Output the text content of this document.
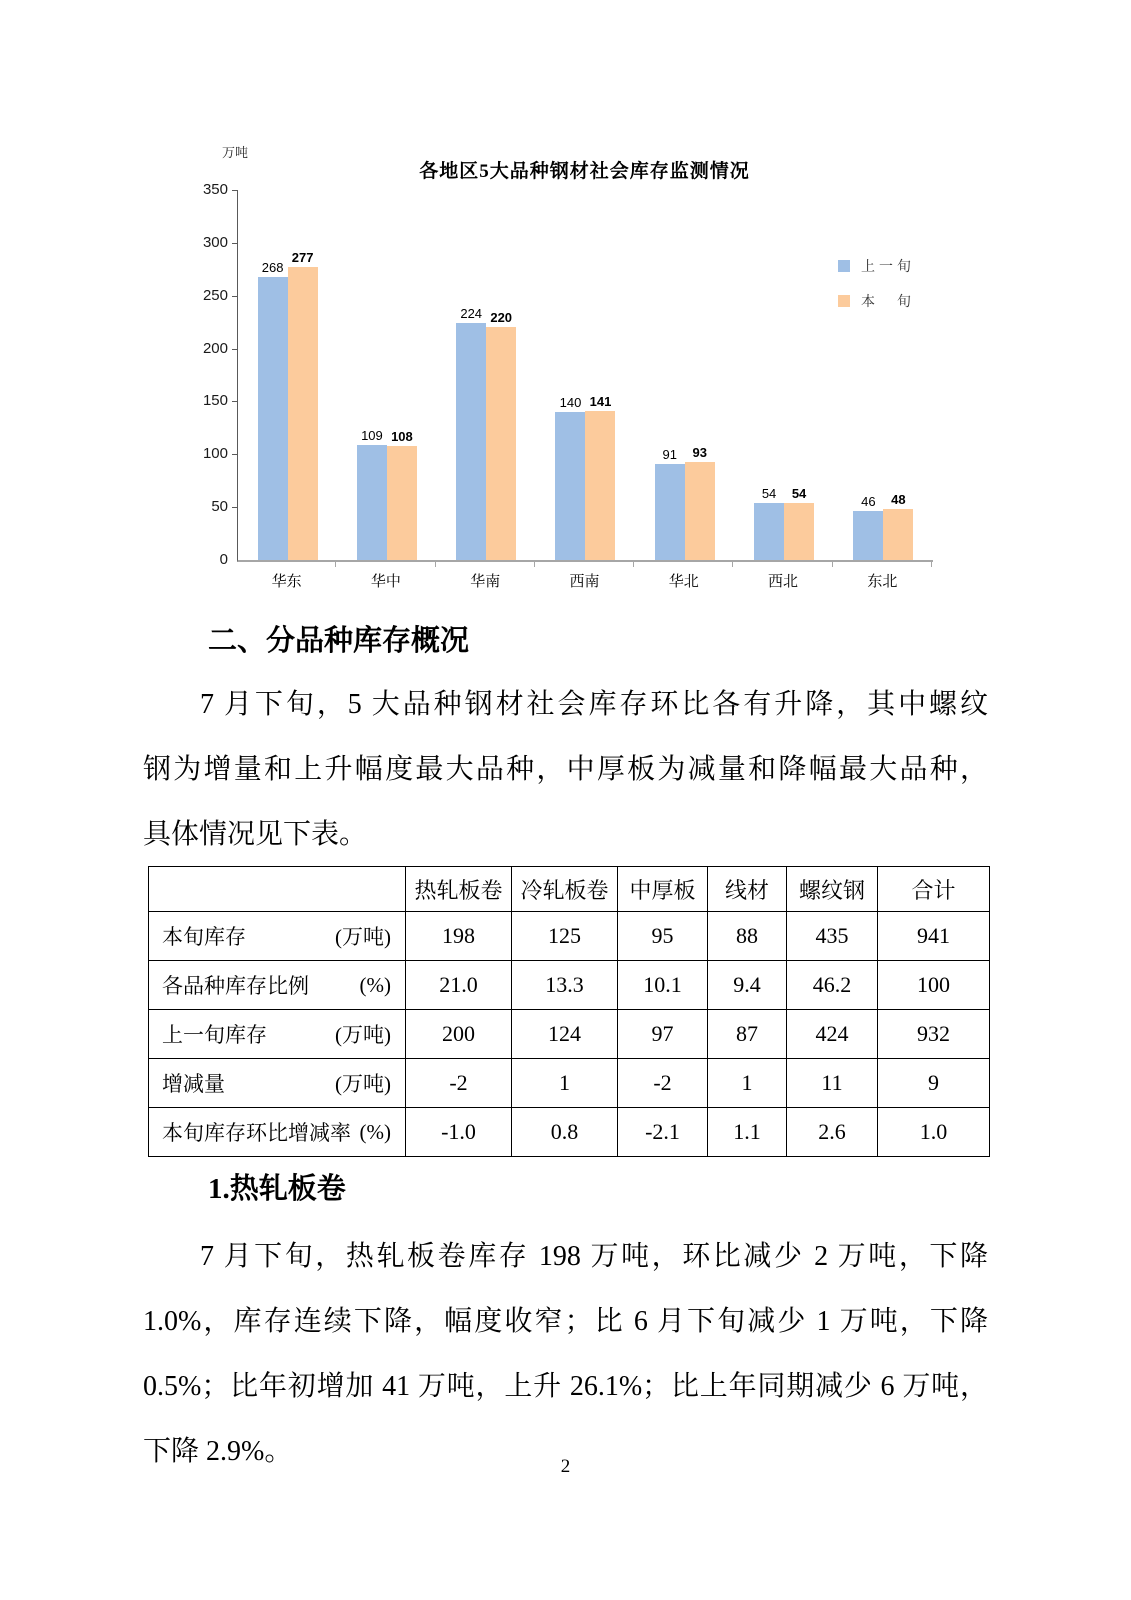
万吨
各地区5大品种钢材社会库存监测情况
0
50
100
150
200
250
300
350
268
277
109 108
224 220
140 141
91 93
54 54
46 48
上一旬
本　旬
华东	华中	华南	西南	华北	西北	东北
二、分品种库存概况
7 月下旬，5 大品种钢材社会库存环比各有升降，其中螺纹
钢为增量和上升幅度最大品种，中厚板为减量和降幅最大品种，
具体情况见下表。
	热轧板卷	冷轧板卷	中厚板	线材	螺纹钢	合计

本旬库存 (万吨)	198	125	95	88	435	941

各品种库存比例 (%)	21.0	13.3	10.1	9.4	46.2	100

上一旬库存 (万吨)	200	124	97	87	424	932

增减量 (万吨)	-2	1	-2	1	11	9

本旬库存环比增减率 (%)	-1.0	0.8	-2.1	1.1	2.6	1.0
1.热轧板卷
7 月下旬，热轧板卷库存 198 万吨，环比减少 2 万吨，下降
1.0%，库存连续下降，幅度收窄；比 6 月下旬减少 1 万吨，下降
0.5%；比年初增加 41 万吨，上升 26.1%；比上年同期减少 6 万吨，
下降 2.9%。	2
